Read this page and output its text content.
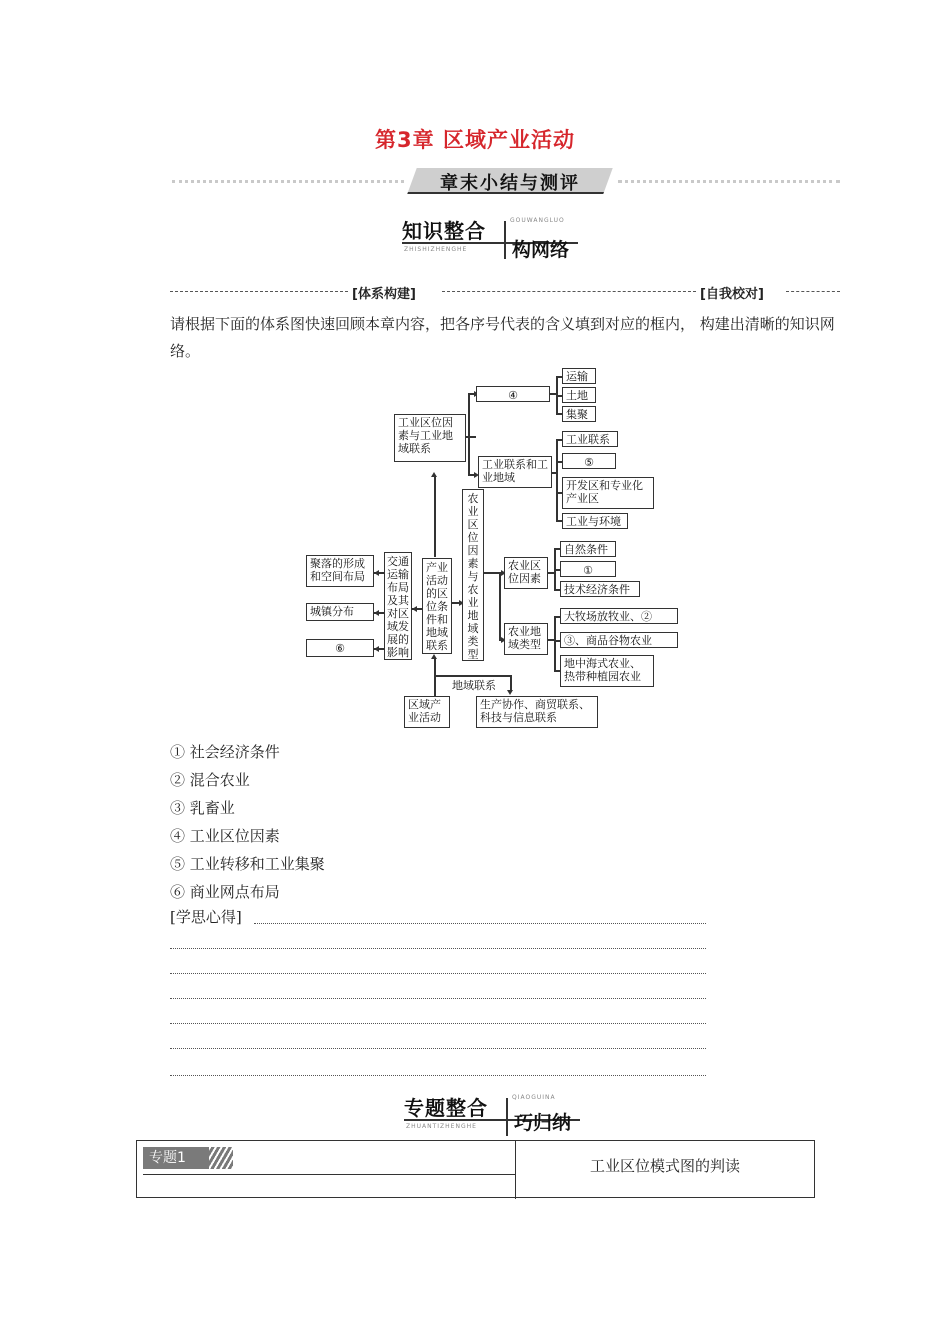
第3章 区域产业活动
章末小结与测评
知识整合	GOUWANGLUO
ZHISHIZHENGHE 构网络
[体系构建]	[自我校对]
请根据下面的体系图快速回顾本章内容，把各序号代表的含义填到对应的框内， 构建出清晰的知识网络。
工业区位因素与工业地域联系
④
运输
土地
集聚
工业联系和工业地域
工业联系
⑤
开发区和专业化产业区
工业与环境
农业区位因素与农业地域类型
聚落的形成和空间布局
交通运输布局及其对区域发展的影响
产业活动的区位条件和地域联系
农业区位因素
自然条件
①
技术经济条件
城镇分布
⑥
农业地域类型
大牧场放牧业、②
③、商品谷物农业
地中海式农业、热带种植园农业
地域联系
区域产业活动
生产协作、商贸联系、科技与信息联系
① 社会经济条件
② 混合农业
③ 乳畜业
④ 工业区位因素
⑤ 工业转移和工业集聚
⑥ 商业网点布局
[学思心得]
专题整合	QIAOGUINA
ZHUANTIZHENGHE 巧归纳
专题1	工业区位模式图的判读
